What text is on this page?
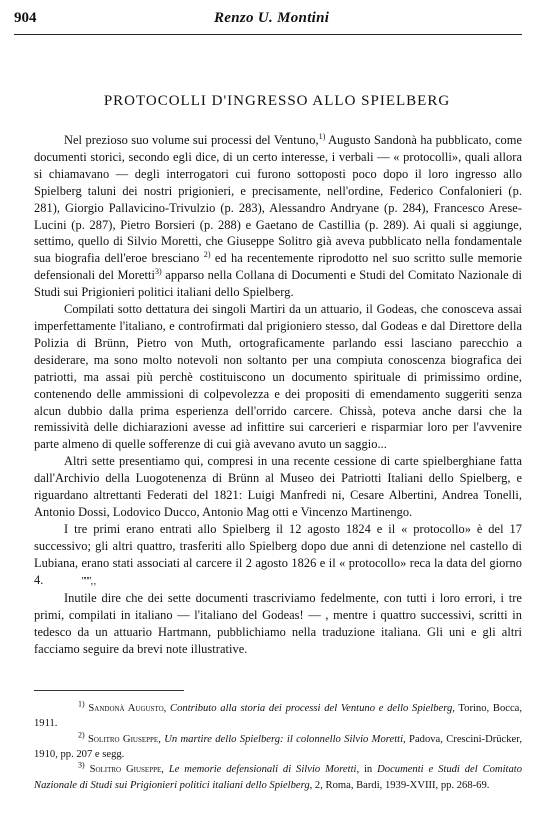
904	Renzo U. Montini
PROTOCOLLI D'INGRESSO ALLO SPIELBERG

Nel prezioso suo volume sui processi del Ventuno,$^{1)}$ Augusto Sandonà ha pubblicato, come documenti storici, secondo egli dice, di un certo interesse, i verbali — « protocolli», quali allora si chiamavano — degli interrogatori cui furono sottoposti poco dopo il loro ingresso allo Spielberg taluni dei nostri prigionieri, e precisamente, nell'ordine, Federico Confalonieri (p. 281), Giorgio Pallavicino-Trivulzio (p. 283), Alessandro Andryane (p. 284), Francesco Arese-Lucini (p. 287), Pietro Borsieri (p. 288) e Gaetano de Castillia (p. 289). Ai quali si aggiunge, settimo, quello di Silvio Moretti, che Giuseppe Solitro già aveva pubblicato nella fondamentale sua biografia dell'eroe bresciano $^{2)}$ ed ha recentemente riprodotto nel suo scritto sulle memorie defensionali del Moretti$^{3)}$ apparso nella Collana di Documenti e Studi del Comitato Nazionale di Studi sui Prigionieri politici italiani dello Spielberg.

Compilati sotto dettatura dei singoli Martiri da un attuario, il Godeas, che conosceva assai imperfettamente l'italiano, e controfirmati dal prigioniero stesso, dal Godeas e dal Direttore della Polizia di Brünn, Pietro von Muth, ortograficamente parlando essi lasciano parecchio a desiderare, ma sono molto notevoli non soltanto per una compiuta conoscenza biografica dei patriotti, ma assai più perchè costituiscono un documento spirituale di primissimo ordine, contenendo delle ammissioni di colpevolezza e dei propositi di emendamento suggeriti senza alcun dubbio dalla prima esperienza dell'orrido carcere. Chissà, poteva anche darsi che la remissività delle dichiarazioni avesse ad infittire sui carcerieri e risparmiar loro per l'avvenire parte almeno di quelle sofferenze di cui già avevano avuto un saggio...

Altri sette presentiamo qui, compresi in una recente cessione di carte spielberghiane fatta dall'Archivio della Luogotenenza di Brünn al Museo dei Patriotti Italiani dello Spielberg, e riguardano altrettanti Federati del 1821: Luigi Manfredi ni, Cesare Albertini, Andrea Tonelli, Antonio Dossi, Lodovico Ducco, Antonio Mag otti e Vincenzo Martinengo.

I tre primi erano entrati allo Spielberg il 12 agosto 1824 e il « protocollo» è del 17 successivo; gli altri quattro, trasferiti allo Spielberg dopo due anni di detenzione nel castello di Lubiana, erano stati associati al carcere il 2 agosto 1826 e il « protocollo» reca la data del giorno 4.	""", ,

Inutile dire che dei sette documenti trascriviamo fedelmente, con tutti i loro errori, i tre primi, compilati in italiano — l'italiano del Godeas! — , mentre i quattro successivi, scritti in tedesco da un attuario Hartmann, pubblichiamo nella traduzione italiana. Gli uni e gli altri facciamo seguire da brevi note illustrative.

$^{1)}$ Sandonà Augusto, Contributo alla storia dei processi del Ventuno e dello Spielberg, Torino, Bocca, 1911.

$^{2)}$ Solitro Giuseppe, Un martire dello Spielberg: il colonnello Silvio Moretti, Padova, Crescini-Drücker, 1910, pp. 207 e segg.

$^{3)}$ Solitro Giuseppe, Le memorie defensionali di Silvio Moretti, in Documenti e Studi del Comitato Nazionale di Studi sui Prigionieri politici italiani dello Spielberg, 2, Roma, Bardi, 1939-XVIII, pp. 268-69.
